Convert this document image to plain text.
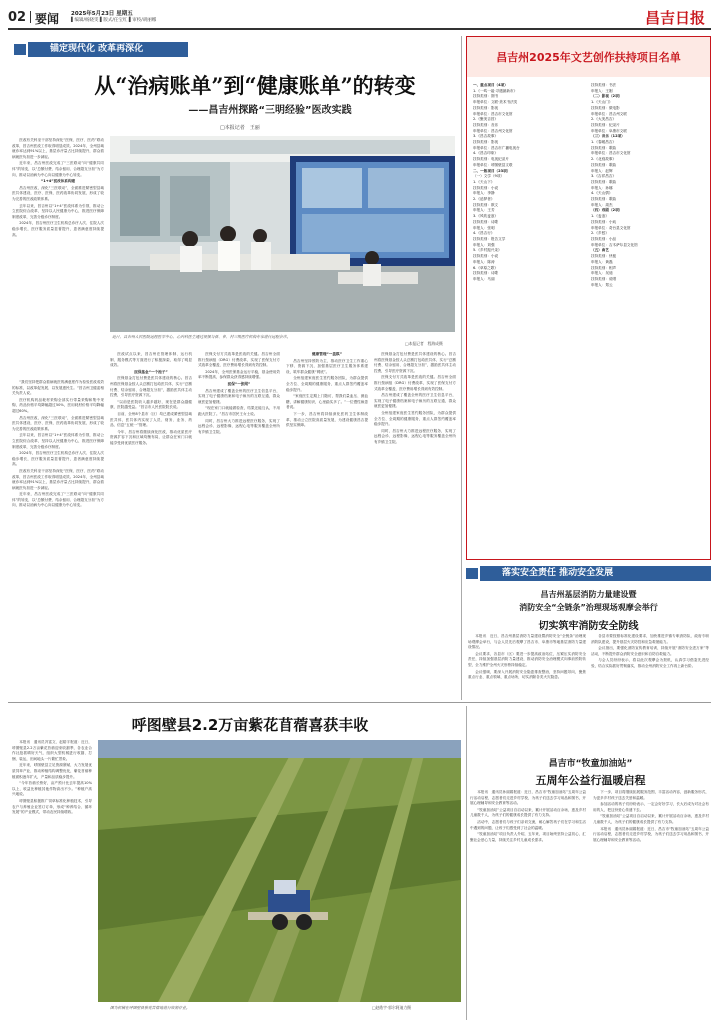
02 要闻 2025年5月23日 星期五
▌编辑/杨晓雯 ▌版式/任宝红 ▌审校/胡丽娜	昌吉日报
锚定现代化 改革再深化
从“治病账单”到“健康账单”的转变
——昌吉州探路“三明经验”医改实践
□本报记者　王丽

医改有关科室干部坚持深化“医保、医疗、医药”联动改革，昌吉州医改工作取得明显成效。2024年，全州县域就诊率达到91%以上，基层诊疗量占比持续提升，群众看病就医负担进一步减轻。

近年来，昌吉州医改完成了“三医联动”向“健康共同体”的转变，以“总额付费、结余留用、合理超支分担”为方向，推动以治病为中心向以健康为中心转变。

“1+4”医改体系构建

昌吉州医改，深化“三医联动”，全面推进紧密型县域医共体建设，医疗、医保、医药改革协同发展，形成了较为完善的医改政策体系。

去年以来，昌吉州以“1+4”医改体系为引领，推动公立医院综合改革，坚持以人民健康为中心，推进医疗保障制度改革，完善分级诊疗制度。

2024年，昌吉州医疗卫生机构总诊疗人次、住院人次稳步增长，医疗服务质量显著提升，患者满意度持续提高。

近日，昌吉州人民医院远程医学中心，心内科医生通过视频与县、乡、村三级医疗机构专家进行远程会诊。
□本报记者　程海成摄

“我们坚持把群众看病就医的满意度作为检验医改成效的标准，以改革促发展、以发展惠民生。”昌吉州卫健委相关负责人说。

医疗机构药品耗材采购全部实行带量采购和集中采购，药品价格平均降幅超过50%，医用耗材价格平均降幅超过60%。

昌吉州医改，深化“三医联动”，全面推进紧密型县域医共体建设，医疗、医保、医药改革协同发展，形成了较为完善的医改政策体系。

去年以来，昌吉州以“1+4”医改体系为引领，推动公立医院综合改革，坚持以人民健康为中心，推进医疗保障制度改革，完善分级诊疗制度。

2024年，昌吉州医疗卫生机构总诊疗人次、住院人次稳步增长，医疗服务质量显著提升，患者满意度持续提高。

医改有关科室干部坚持深化“医保、医疗、医药”联动改革，昌吉州医改工作取得明显成效。2024年，全州县域就诊率达到91%以上，基层诊疗量占比持续提升，群众看病就医负担进一步减轻。

近年来，昌吉州医改完成了“三医联动”向“健康共同体”的转变，以“总额付费、结余留用、合理超支分担”为方向，推动以治病为中心向以健康为中心转变。

医改试点以来，昌吉州在管理体制、运行机制、服务模式等方面进行了积极探索，取得了明显成效。

医保基金“一个池子”

医保基金打包付费是医共体建设的核心。昌吉州将医保基金按人头总额打包给医共体，实行“总额付费、结余留用、合理超支分担”，激励医共体主动控费，引导医疗资源下沉。

“以前是医院收入越多越好，现在是群众越健康、医院越受益。”昌吉市人民医院院长说。

目前，全州8个县市（区）均已建成紧密型县域医共体，医共体内实现了人员、财务、业务、药品、信息“五统一”管理。

今年，昌吉州将继续深化医改，推动优质医疗资源扩容下沉和区域均衡布局，让群众在家门口就能享受到优质医疗服务。

医保支付方式改革是医改的关键。昌吉州全面推行按病组（DRG）付费改革，实现了医保支付方式改革全覆盖，医疗费用增长得到有效控制。

2024年，全州医保基金运行平稳，基金使用效率不断提高，参保群众获得感持续增强。

医保“一张网”

昌吉州建成了覆盖全州的医疗卫生信息平台，实现了电子健康档案和电子病历的互联互通，群众就医更加便捷。

“现在家门口就能做检查，结果还能互认，不用跑大医院了。”昌吉市居民王女士说。

同时，昌吉州大力推进远程医疗服务，实现了远程会诊、远程影像、远程心电等服务覆盖全州所有乡镇卫生院。

健康管理“一盘棋”

昌吉州坚持预防为主，推动医疗卫生工作重心下移、资源下沉，加强基层医疗卫生服务体系建设，筑牢群众健康“网底”。

全州组建家庭医生签约服务团队，为群众提供全方位、全周期的健康服务，重点人群签约覆盖率稳步提升。

“家庭医生定期上门随访，帮我们量血压、测血糖，讲解健康知识，心里踏实多了。”一位慢性病患者说。

下一步，昌吉州将持续深化医药卫生体制改革，推动公立医院高质量发展，为建设健康昌吉提供坚实保障。

医保基金打包付费是医共体建设的核心。昌吉州将医保基金按人头总额打包给医共体，实行“总额付费、结余留用、合理超支分担”，激励医共体主动控费，引导医疗资源下沉。

医保支付方式改革是医改的关键。昌吉州全面推行按病组（DRG）付费改革，实现了医保支付方式改革全覆盖，医疗费用增长得到有效控制。

昌吉州建成了覆盖全州的医疗卫生信息平台，实现了电子健康档案和电子病历的互联互通，群众就医更加便捷。

全州组建家庭医生签约服务团队，为群众提供全方位、全周期的健康服务，重点人群签约覆盖率稳步提升。

同时，昌吉州大力推进远程医疗服务，实现了远程会诊、远程影像、远程心电等服务覆盖全州所有乡镇卫生院。

昌吉州2025年文艺创作扶持项目名单
一、重点项目（4项）
1.《一鸣一裳·寻遇最新市》
扶持类别：图书
申报单位：文联·美术书法类
扶持类别：影视
申报单位：昌吉市文化馆
2.《聚美吉昌》
扶持类别：音乐
申报单位：昌吉州文化馆
3.《昌吉故事》
扶持类别：影视
申报单位：昌吉市广播电视台
4.《昌吉印象》
扶持类别：电视纪录片
申报单位：呼图壁县文联
二、一般项目（23项）
（一）文学（9项）
1.《天山下》
扶持类别：小说
申报人：李静
2.《追梦者》
扶持类别：散文
申报人：王芳
3.《风吹麦浪》
扶持类别：诗歌
申报人：张明
4.《昌吉行》
扶持类别：报告文学
申报人：刘强
5.《乡村振兴录》
扶持类别：小说
申报人：陈涛
6.《草原之歌》
扶持类别：诗歌
申报人：马丽
扶持类别：书法
申报人：王刚
（二）影视（2项）
1.《天山门》
扶持类别：微电影
申报单位：昌吉州文联
2.《大美昌吉》
扶持类别：纪录片
申报单位：阜康市文联
（三）音乐（12项）
1.《春暖昌吉》
扶持类别：歌曲
申报单位：昌吉市文化馆
2.《北庭故事》
扶持类别：歌曲
申报人：赵辉
3.《吉祥昌吉》
扶持类别：歌曲
申报人：孙娜
4.《天山情》
扶持类别：歌曲
申报人：周杰
（四）戏剧（2项）
1.《麦浪》
扶持类别：小戏
申报单位：奇台县文化馆
2.《乡愁》
扶持类别：小品
申报单位：吉木萨尔县文化馆
（五）曲艺
扶持类别：快板
申报人：黄磊
扶持类别：相声
申报人：吴迪
扶持类别：说唱
申报人：郑云
落实安全责任 推动安全发展
昌吉州基层消防力量建设暨
消防安全“全链条”治理现场观摩会举行
切实筑牢消防安全防线

本报讯　近日，昌吉州基层消防力量建设暨消防安全“全链条”治理现场观摩会举行，与会人员先后观摩了昌吉市、阜康市等地基层消防力量建设情况。

会议要求，各县市（区）要进一步提高政治站位，压紧压实消防安全责任，持续加强基层消防力量建设，推动消防安全治理模式向事前预防转型，全力维护全州火灾形势持续稳定。

会议强调，要深入开展消防安全隐患排查整治，坚持问题导向，聚焦重点行业、重点领域、重点场所，切实消除各类火灾隐患。

各县市要按照标准化建设要求，加快推进乡镇专职消防队、政府专职消防队建设，提升基层火灾防控和应急救援能力。

会议指出，要强化消防宣传教育培训，持续开展“消防安全进万家”等活动，不断提升群众消防安全意识和自防自救能力。

与会人员纷纷表示，将以此次观摩会为契机，认真学习借鉴先进经验，结合实际抓好贯彻落实，推动全州消防安全工作再上新台阶。

呼图壁县2.2万亩紫花苜蓿喜获丰收

本报讯　通讯员冯富文、赵皓宇报道：近日，呼图壁县2.2万亩紫花苜蓿迎来收割季，各农业合作社抢抓晴好天气，组织大型机械进行收割、打捆、装运，田间地头一片繁忙景象。

近年来，呼图壁县立足资源禀赋，大力发展优质饲草产业，推动种植结构调整优化，紫花苜蓿种植面积逐年扩大，产量和品质稳步提升。

“今年苜蓿长势好，亩产预计比去年提高10%以上，收益比种植其他作物高出不少。”种植户高兴地说。

呼图壁县积极推广饲草标准化种植技术，引导农户与养殖企业签订订单，形成“种养结合、循环发展”的产业模式，带动农民持续增收。

图为机械在呼图壁县紫花苜蓿地进行收割作业。	□赵皓宇·郭尔阿迪力摄
昌吉市“牧童加油站”
五周年公益行温暖启程

本报讯　通讯员孙丽娟报道：近日，昌吉市“牧童加油站”五周年公益行活动启程，志愿者们走进乡村学校，为孩子们送去学习用品和图书，开展心理辅导和安全教育等活动。

“牧童加油站”公益项目自启动以来，累计开展活动百余场，惠及乡村儿童数千人，为孩子们的健康成长提供了有力支持。

活动中，志愿者们与孩子们亲切交流，耐心解答孩子们在学习和生活中遇到的问题，让孩子们感受到了社会的温暖。

“牧童加油站”项目负责人介绍，五年来，项目始终坚持公益初心，汇聚社会爱心力量，持续关注乡村儿童成长需求。

下一步，项目将继续拓展服务范围，丰富活动内容，创新服务形式，为更多乡村孩子送去关爱和温暖。

参加活动的孩子们纷纷表示，一定会好好学习，长大后成为对社会有用的人，把这份爱心传递下去。

“牧童加油站”公益项目自启动以来，累计开展活动百余场，惠及乡村儿童数千人，为孩子们的健康成长提供了有力支持。

本报讯　通讯员孙丽娟报道：近日，昌吉市“牧童加油站”五周年公益行活动启程，志愿者们走进乡村学校，为孩子们送去学习用品和图书，开展心理辅导和安全教育等活动。
